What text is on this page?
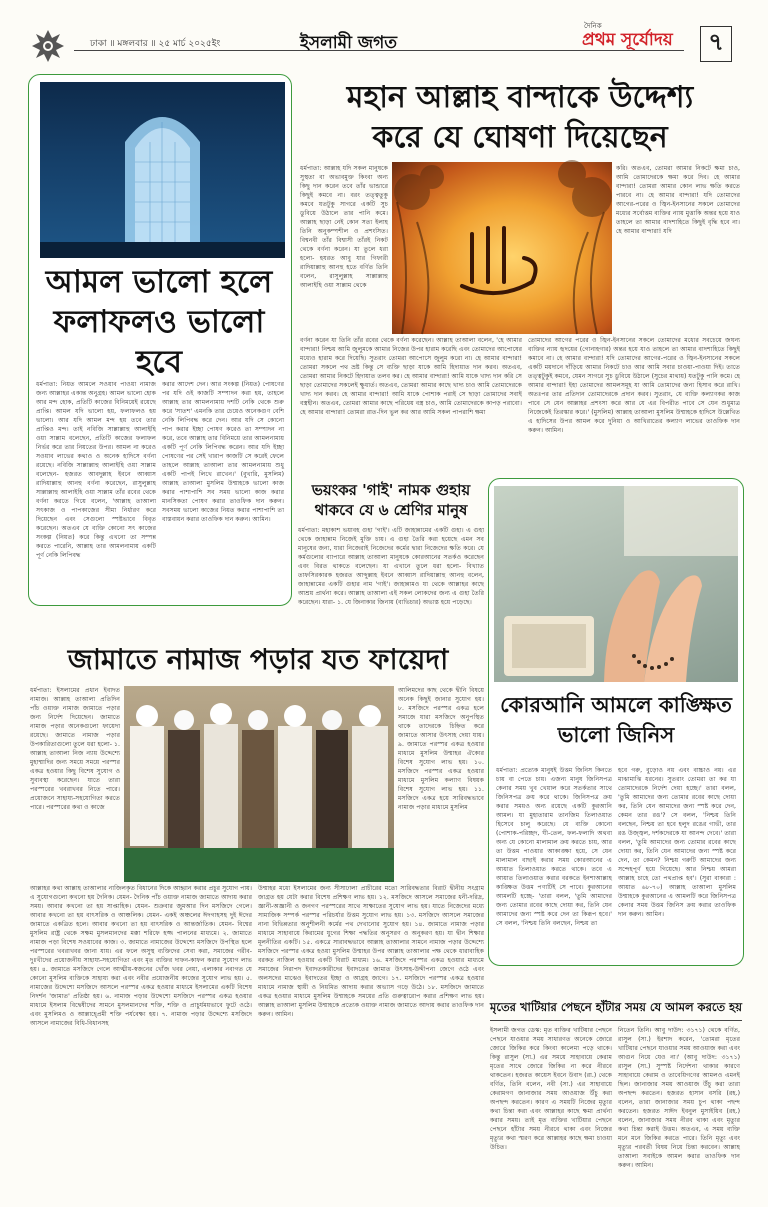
ঢাকা ॥ মঙ্গলবার ॥ ২৫ মার্চ ২০২৫ইং	ইসলামী জগত
দৈনিক
প্রথম সূর্যোদয় ৭
আমল ভালো হলে
ফলাফলও ভালো হবে
ধর্মপাতা: নিয়ত আমলে সওয়াব পাওয়া নামাজ জন্য আল্লাহর একান্ত অনুগ্রহ। আমল ভালো হোক আর মন্দ হোক, প্রতিটি কাজের বিনিময়েই রয়েছে প্রাপ্তি। আমল যদি ভালো হয়, ফলাফলও হয় ভালো। আর যদি আমল মন্দ হয় তবে তার প্রাপ্তিও মন্দ। তাই নবিজি সাল্লাল্লাহু আলাইহি ওয়া সাল্লাম বলেছেন, প্রতিটি কাজের ফলাফল নির্ভর করে তার নিয়তের উপর। আমল না করেও সওয়াব লাভের কথাও ও অনেক হাদিসে বর্ণনা রয়েছে। নবিজি সাল্লাল্লাহু আলাইহি ওয়া সাল্লাম বলেছেন- হজরত আবদুল্লাহ ইবনে আব্বাস রাদিয়াল্লাহু আনহু বর্ণনা করেছেন, রাসুলুল্লাহ সাল্লাল্লাহু আলাইহি ওয়া সাল্লাম তাঁর রবের থেকে বর্ণনা করতে গিয়ে বলেন, 'আল্লাহ তাআলা সৎকাজ ও পাপকাজের সীমা নির্ধারণ করে দিয়েছেন এবং সেগুলো স্পষ্টভাবে বিবৃত করেছেন। অতএব যে ব্যক্তি কোনো সৎ কাজের সংকল্প (নিয়ত) করে কিন্তু এখনো তা সম্পন্ন করতে পারেনি, আল্লাহ তার আমলনামায় একটি পূর্ণ নেকি লিপিবদ্ধ
করার আদেশ দেন। আর সংকল্প (নিয়ত) পোষণের পর যদি ওই কাজটি সম্পাদন করা হয়, তাহলে আল্লাহ তার আমলনামায় দশটি নেকি থেকে শুরু করে 'সাতশ' এমনকি তার চেয়েও অনেকগুণ বেশি নেকি লিপিবদ্ধ করে দেন। আর যদি সে কোনো পাপ করার ইচ্ছা পোষণ করেও তা সম্পাদন না করে, তবে আল্লাহ তার বিনিময়ে তার আমলনামায় একটি পূর্ণ নেকি লিপিবদ্ধ করেন। আর যদি ইচ্ছা পোষণের পর সেই খারাপ কাজটি সে করেই ফেলে তাহলে আল্লাহ তাআলা তার আমলনামায় শুধু একটি পাপই লিখে রাখেন।' (বুখারি, মুসলিম) আল্লাহ তাআলা মুসলিম উম্মাহকে ভালো কাজ করার পাশাপাশি সব সময় ভালো কাজ করার মানসিকতা পোষণ করার তাওফিক দান করুন। সবসময় ভালো কাজের নিয়ত করার পাশাপাশি তা বাস্তবায়ন করার তাওফিক দান করুন। আমিন।
মহান আল্লাহ বান্দাকে উদ্দেশ্য
করে যে ঘোষণা দিয়েছেন
ধর্মপাতা: আল্লাহ যদি সকল মানুষকে সুস্থতা বা অভাবমুক্ত কিংবা অন্য কিছু দান করেন তবে তাঁর ভান্ডারে কিছুই কমবে না। বরং তত্ত্বতুকু কমবে যতটুকু সাগরে একটি সুচ ডুবিয়ে উঠালে তার পানি কমে। আল্লাহ ছাড়া নেই কোন সত্য ইলাহ তিনি অনুকম্পশীল ও প্রশংসিত। বিশ্বনবী তাঁর বিশ্বাসী তাঁরই নিকট থেকে বর্ণনা করেন। যা তুলে ধরা হলো- হযরত আবু যার গিফারী রাদিয়াল্লাহু আনহু হতে বর্ণিত তিনি বলেন, রাসুলুল্লাহ সাল্লাল্লাহু আলাইহি ওয়া সাল্লাম থেকে
করি। অতএব, তোমরা আমার নিকটে ক্ষমা চাও, আমি তোমাদেরকে ক্ষমা করে দিব। হে আমার বান্দারা! তোমরা আমার কোন লাভ ক্ষতি করতে পারবে না। হে আমার বান্দারা! যদি তোমাদের আগের-পরের ও জ্বিন-ইনসানের সকলে তোমাদের মধ্যের সর্বোত্তম ব্যক্তির ন্যায় মুত্তাকি অন্তর হয়ে যাও তাহলে তা আমার বাদশাহিতে কিছুই বৃদ্ধি হবে না। হে আমার বান্দারা! যদি
বর্ণনা করেন যা তিনি তাঁর রবের থেকে বর্ণনা করেছেন। আল্লাহ তাআলা বলেন, 'হে আমার বান্দারা! নিশ্চয় আমি জুলুমকে আমার নিজের উপর হারাম করেছি এবং তোমাদের আপোষের মধ্যেও হারাম করে দিয়েছি। সুতরাং তোমরা আপোসে জুলুম করো না। হে আমার বান্দারা! তোমরা সকলে পথ ভ্রষ্ট কিন্তু সে ব্যক্তি ছাড়া যাকে আমি হিদায়াত দান করব। অতএব, তোমরা আমার নিকটে হিদায়াত তলব কর। হে আমার বান্দারা! আমি যাকে খাদ্য দান করি সে ছাড়া তোমাদের সকলেই ক্ষুধার্ত। অতএব, তোমরা আমার কাছে খাদ্য চাও আমি তোমাদেরকে খাদ্য দান করব। হে আমার বান্দারা! আমি যাকে পোশাক পরাই সে ছাড়া তোমাদের সবাই বস্ত্রহীন। অতএব, তোমরা আমার কাছে পরিধেয় বস্ত্র চাও, আমি তোমাদেরকে কাপড় পরাবো। হে আমার বান্দারা! তোমরা রাত-দিন ভুল কর আর আমি সকল পাপরাশি ক্ষমা
তোমাদের আগের পরের ও জ্বিন-ইনসানের সকলে তোমাদের মধ্যের সবচেয়ে জঘন্য ব্যক্তির ন্যায় হৃদয়ের (গোনাহগার) অন্তর হয়ে যাও তাহলে তা আমার বাদশাহিতে কিছুই কমাবে না। হে আমার বান্দারা! যদি তোমাদের আগের-পরের ও জ্বিন-ইনসানের সকলে একটি ময়দানে দাঁড়িয়ে আমার নিকটে চাও আর আমি সবার চাওয়া-পাওয়া দিই। তাতে তত্ত্বটুকুই কমবে, যেমন সাগরে সুচ ডুবিয়ে উঠালে (সুচের মাথায়) যতটুকু পানি কমে। হে আমার বান্দারা! ইহা তোমাদের আমলসমূহ যা আমি তোমাদের জন্য হিসাব করে রাখি। অতঃপর তার প্রতিদান তোমাদেরকে প্রদান করব। সুতরাং, যে ব্যক্তি কল্যাণকর কাজ পাবে সে যেন আল্লাহর প্রশংসা করে আর যে এর বিপরীত পাবে সে যেন শুধুমাত্র নিজেকেই তিরস্কার করে।' (মুসলিম) আল্লাহ তাআলা মুসলিম উম্মাহকে হাদিসে উল্লেখিত এ হাদিসের উপর আমল করে দুনিয়া ও আখিরাতের কল্যাণ লাভের তাওফিক দান করুন। আমিন।
ভয়ংকর 'গাই' নামক গুহায়
থাকবে যে ৬ শ্রেণির মানুষ
ধর্মপাতা: মহাকাশ ভয়াবহ গুহা 'গাই'। এটি জাহান্নামের একটি গুহা। এ গুহা থেকে জাহান্নাম নিজেই মুক্তি চায়। এ গুহা তৈরি করা হয়েছে এমন সব মানুষের জন্য, যারা নিজেরাই নিজেদের কর্মের দ্বারা নিজেদের ক্ষতি করে। যে কর্মগুলোর ব্যাপারে আল্লাহ তাআলা মানুষকে কোরআনের সতর্কও করেছেন এবং বিরত থাকতে বলেছেন। যা এখানে তুলে ধরা হলো- বিখ্যাত তাফসিরকারক হজরত আব্দুল্লাহ ইবনে আব্বাস রাদিয়াল্লাহু আনহু বলেন, জাহান্নামের একটি গুহার নাম 'গাই'। জাহান্নামও যা থেকে আল্লাহর কাছে আশ্রয় প্রার্থনা করে। আল্লাহ তাআলা এই সকল লোকদের জন্য এ গুহা তৈরি করেছেন। যারা- ১. যে জিনাকার জিনায় (ব্যভিচার) অভ্যস্ত হয়ে পড়েছে।
কোরআনি আমলে কাঙ্ক্ষিত
ভালো জিনিস
ধর্মপাতা: প্রত্যেক মানুষই উত্তম জিনিস কিনতে চায় বা পেতে চায়। এজন্য মানুষ জিনিসপত্র কেনার সময় খুব খেয়াল করে সতর্কতার সাথে জিনিসপত্র ক্রয় করে থাকে। জিনিসপত্র ক্রয় করার সময়ও অন্য রয়েছে একটি কুরআনি আমল। যা মুহাতারাম তানজিম তিলাওয়াত হিসেবে চালু করেছে। যে ব্যক্তি কোনো (পোশাক-পরিচ্ছদ, ঘী-তেল, ফল-ফলাদি অথবা অন্য যে কোনো মালামাল ক্রয় করতে চায়, আর তা উত্তম পাওয়ার আকাঙ্ক্ষা হয়ে, সে যেন মালামাল বাছাই করার সময় কোরআনের এ আয়াত তিলাওয়াত করতে থাকে। তবে এ আয়াত তিলাওয়াত করার বরকতে ইনশাআল্লাহ কাঙ্ক্ষিত উত্তম পণ্যটিই সে পাবে। কুরআনের আমলটি হচ্ছে- 'তারা বলল, 'তুমি আমাদের জন্য তোমার রবের কাছে দোয়া কর, তিনি যেন আমাদের জন্য স্পষ্ট করে দেন তা কিরূপ হবে।' সে বলল, 'নিশ্চয় তিনি বলছেন, নিশ্চয় তা
হবে গরু, বুড়োও নয় এবং বাচ্চাও নয়। এর মাঝামাঝি ধরনের। সুতরাং তোমরা তা কর যা তোমাদেরকে নির্দেশ দেয়া হচ্ছে।' তারা বলল, 'তুমি আমাদের জন্য তোমার রবের কাছে দোয়া কর, তিনি যেন আমাদের জন্য স্পষ্ট করে দেন, কেমন তার রঙ'? সে বলল, 'নিশ্চয় তিনি বলছেন, নিশ্চয় তা হবে হলুদ রঙের গাভী, তার রঙ উজ্জ্বল, দর্শকদেরকে যা আনন্দ দেবে।' তারা বলল, 'তুমি আমাদের জন্য তোমার রবের কাছে দোয়া কর, তিনি যেন আমাদের জন্য স্পষ্ট করে দেন, তা কেমন? নিশ্চয় গরুটি আমাদের জন্য সন্দেহপূর্ণ হয়ে গিয়েছে। আর নিশ্চয় আমরা আল্লাহ চাহে তো পথপ্রাপ্ত হব'। (সুরা বাকারা : আয়াত ৬৮-৭০) আল্লাহ তাআলা মুসলিম উম্মাহকে কুরআনের এ আমলটি করে জিনিসপত্র কেনার সময় উত্তম জিনিস ক্রয় করার তাওফিক দান করুন। আমিন।
জামাতে নামাজ পড়ার যত ফায়েদা
ধর্মপাতা: ইসলামের প্রধান ইবাদত নামাজ। আল্লাহ তাআলা প্রতিদিন পাঁচ ওয়াক্ত নামাজ জামাতে পড়ার জন্য নির্দেশ দিয়েছেন। জামাতে নামাজ পড়ার অনেকগুলো ফায়েদা রয়েছে। জামাতে নামাজ পড়ার উপকারিতাগুলো তুলে ধরা হলো- ১. আল্লাহ তাআলা নিজ ন্যায় উদ্দেশ্যে মুহাম্মাদির জন্য সময়ে সময়ে পরস্পর একত্র হওয়ার কিছু বিশেষ সুযোগ ও সুব্যবস্থা করেছেন। যাতে তারা পরস্পরের খবরাখবর নিতে পারে। প্রয়োজনে সাহায্য-সহযোগিতা করতে পারে। পরস্পরের কথা ও কাজে
আলিমদের কাছ থেকে দ্বীনি বিষয়ে অনেক কিছুই জানার সুযোগ হয়। ৮. মসজিদে পরস্পর একত্র হলে সমাজে যারা মসজিদে অনুপস্থিত থাকে তাদেরকে চিহ্নিত করে জামাতে আসার উৎসাহ দেয়া যায়। ৯. জামাতে পরস্পর একত্র হওয়ার মাধ্যমে মুসলিম উম্মাহর ঐক্যের বিশেষ সুযোগ লাভ হয়। ১০. মসজিদে পরস্পর একত্র হওয়ার মাধ্যমে মুসলিম কল্যাণ বিষয়ক বিশেষ সুযোগ লাভ হয়। ১১. মসজিদে একত্র হয়ে সারিবদ্ধভাবে নামাজ পড়ার মাধ্যমে মুসলিম
আল্লাহর কথা আল্লাহ তাআলার নাজিলকৃত বিধানের দিকে আহ্বান করার প্রচুর সুযোগ পায়। এ সুযোগগুলো কখনো হয় দৈনিক। যেমন- দৈনিক পাঁচ ওয়াক্ত নামাজ জামাতে আদায় করার সময়। আবার কখনো তা হয় সাপ্তাহিক। যেমন- শুক্রবার জুমআর দিন মসজিদে গেলে। আবার কখনো তা হয় বাৎসরিক ও আঞ্চলিক। যেমন- একই অঞ্চলের ঈদগাহসহ দুই ঈদের জামাতে একত্রিত হলে। আবার কখনো তা হয় বাৎসরিক ও আন্তর্জাতিক। যেমন- বিশ্বের মুসলিম রাষ্ট্র থেকে সক্ষম মুসলমানদের মক্কা শরিফে হজ্জ পালনের মাধ্যমে। ২. জামাতে নামাজ পড়া বিশেষ সওয়াবের কাজ। ৩. জামাতে নামাজের উদ্দেশ্যে মসজিদে উপস্থিত হলে পরস্পরের খবরাখবর জানা যায়। এর ফলে অসুস্থ ব্যক্তিদের সেবা করা, সমাজের গরীব-দুঃখীদের প্রয়োজনীয় সাহায্য-সহযোগিতা এবং মৃত ব্যক্তির দাফন-কাফন করার সুযোগ লাভ হয়। ৪. জামাতে মসজিদে গেলে আত্মীয়-স্বজনের খোঁজ খবর নেয়া, এলাকার নবাগত যে কোনো মুসলিম ব্যক্তিকে সাহায্য করা এবং নবীর প্রয়োজনীয় কাজের সুযোগ লাভ হয়। ৫. নামাজের উদ্দেশ্যে মসজিদে আসলে পরস্পর একত্র হওয়ার মাধ্যমে ইসলামের একটি বিশেষ নিদর্শন 'জামাত' প্রতিষ্ঠা হয়। ৬. নামাজ পড়ার উদ্দেশ্যে মসজিদে পরস্পর একত্র হওয়ার মাধ্যমে ইসলাম বিদ্বেষীদের সামনে মুসলমানদের শক্তি, শক্তি ও প্রাচুর্যময়ভাবে ফুটে ওঠে। এবং মুসলিমও ও আল্লাহ্প্রেমী শক্তি পর্যবেক্ষ্য হয়। ৭. নামাজ পড়ার উদ্দেশ্যে মসজিদে আসলে নামাজের বিধি-বিধানসহ
উম্মাহর মধ্যে ইসলামের জন্য সীসাঢালা প্রাচীরের মতো সারিবদ্ধতার বিরাট দ্বীনীয় সংগ্রাম জাগ্রত হয় যেটা করার বিশেষ প্রশিক্ষণ লাভ হয়। ১২. মসজিদে আসলে সমাজের ধনী-দরিদ্র, জ্ঞানী-অজ্ঞানী ও জনগণ পরস্পরের সাথে সাক্ষাতের সুযোগ লাভ হয়। যাতে নিজেদের মধ্যে সামাজিক সম্পর্ক পরস্পর পরিচর্যার উত্তম সুযোগ লাভ হয়। ১৩. মসজিদে আসলে সমাজের নানা বিভিন্নতার অনুশীলনী কর্মের পথ দেখানোর সুযোগ হয়। ১৪. জামাতে নামাজ পড়ার মাধ্যমে সাহাবায়ে কিরামের যুগের শিক্ষা পদ্ধতির অনুসরণ ও অনুকরণ হয়। যা দ্বীন শিক্ষার মূলনীতির একটি। ১৫. একত্রে সারাবদ্ধভাবে আল্লাহ তাআলার সামনে নামাজ পড়ার উদ্দেশ্যে মসজিদে পরস্পর একত্র হওয়া মুসলিম উম্মাহর উপর আল্লাহ তাআলার পক্ষ থেকে ধারাবাহিক বরকত নাজিল হওয়ার একটি বিরাট মাধ্যম। ১৬. মসজিদে পরস্পর একত্র হওয়ার মাধ্যমে সমাজের নিরাপদ ইবাদতকারীদের ইবাদতের জামাত উৎসাহ-উদ্দীপনা জেগে ওঠে এবং অলসদের মাঝেও ইবাদতের ইচ্ছা ও আগ্রহ জাগে। ১৭. মসজিদে পরস্পর একত্র হওয়ার মাধ্যমে নামাজ স্থায়ী ও নিয়মিত আদায় করার অভ্যাস গড়ে উঠে। ১৮. মসজিদে জামাতে একত্র হওয়ার মাধ্যমে মুসলিম উম্মাহকে সময়ের প্রতি গুরুত্বারোপ করার প্রশিক্ষণ লাভ হয়। আল্লাহ তাআলা মুসলিম উম্মাহকে প্রত্যেক ওয়াক্ত নামাজ জামাতে আদায় করার তাওফিক দান করুন। আমিন।
মৃতের খাটিয়ার পেছনে হাঁটার সময় যে আমল করতে হয়
ইসলামী জগত ডেস্ক: মৃত ব্যক্তির খাটিয়ার পেছনে পেছনে যাওয়ার সময় সাধারণত অনেকে জোরে জোরে জিকির করে কিংবা কালেমা পড়ে থাকে। কিন্তু রাসুল (সা.) এর সময়ে সাহাবায়ে কেরাম মৃতের সাথে জোরে জিকির না করে নীরবে থাকতেন। হজরত কায়েস ইবনে উবাদ (রা.) থেকে বর্ণিত, তিনি বলেন, নবী (সা.) এর সাহাবায়ে কেরামগণ জানাজার সময় আওয়াজ উঁচু করা অপছন্দ করতেন। কারণ এ সময়টি নিজের মৃত্যুর কথা চিন্তা করা এবং আল্লাহর কাছে ক্ষমা প্রার্থনা করার সময়। তাই মৃত ব্যক্তির খাটিয়ার পেছনে পেছনে হাঁটার সময় নীরবে থাকা এবং নিজের মৃত্যুর কথা স্মরণ করে আল্লাহর কাছে ক্ষমা চাওয়া উচিত।
নিতেন তিনি। আবু দাউদ: ৩১৭১) থেকে বর্ণিত, রাসুল (সা.) ইরশাদ করেন, 'তোমরা মৃতের খাটিয়ার পেছনে যাওয়ার সময় আওয়াজ করা এবং আগুন নিয়ে যেও না।' (আবু দাউদ: ৩১৭১) রাসুল (সা.) সুস্পষ্ট নির্দেশনা থাকার কারণে সাহাবায়ে কেরাম ও তাবেয়িগণের আমলও এমনই ছিল। জানাজার সময় আওয়াজ উঁচু করা তারা অপছন্দ করতেন। হজরত হাসান বসরি (রহ.) বলেন, তারা জানাজার সময় চুপ থাকা পছন্দ করতেন। হজরত সাঈদ ইবনুল মুসাইয়িব (রহ.) বলেন, জানাজার সময় নীরব থাকা এবং মৃত্যুর কথা চিন্তা করাই উত্তম। অতএব, এ সময় ব্যক্তি মনে মনে জিকির করতে পারে। তিনি মৃত্যু এবং মৃত্যুর পরবর্তী বিষয় নিয়ে চিন্তা করবেন। আল্লাহ তাআলা সবাইকে আমল করার তাওফিক দান করুন। আমিন।
